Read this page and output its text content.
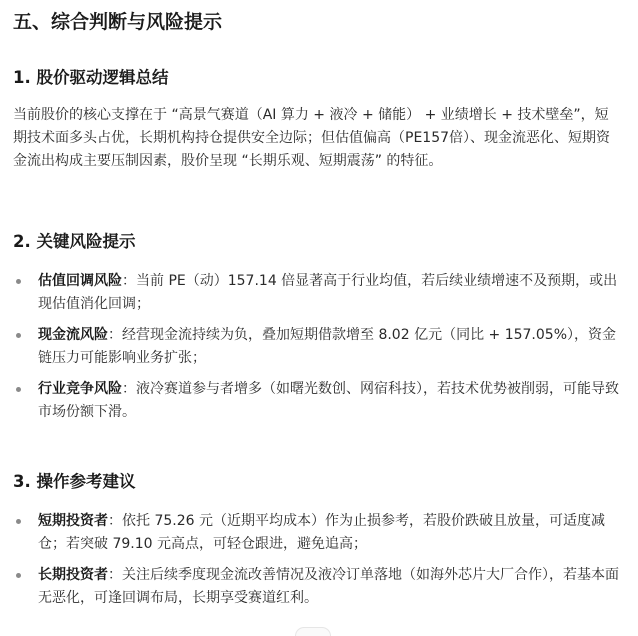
五、综合判断与风险提示
1. 股价驱动逻辑总结

当前股价的核心支撑在于 “高景气赛道（AI 算力 + 液冷 + 储能） + 业绩增长 + 技术壁垒”，短期技术面多头占优，长期机构持仓提供安全边际；但估值偏高（PE157倍）、现金流恶化、短期资金流出构成主要压制因素，股价呈现 “长期乐观、短期震荡” 的特征。

2. 关键风险提示
估值回调风险：当前 PE（动）157.14 倍显著高于行业均值，若后续业绩增速不及预期，或出现估值消化回调；
现金流风险：经营现金流持续为负，叠加短期借款增至 8.02 亿元（同比 + 157.05%），资金链压力可能影响业务扩张；
行业竞争风险：液冷赛道参与者增多（如曙光数创、网宿科技），若技术优势被削弱，可能导致市场份额下滑。
3. 操作参考建议
短期投资者：依托 75.26 元（近期平均成本）作为止损参考，若股价跌破且放量，可适度减仓；若突破 79.10 元高点，可轻仓跟进，避免追高；
长期投资者：关注后续季度现金流改善情况及液冷订单落地（如海外芯片大厂合作），若基本面无恶化，可逢回调布局，长期享受赛道红利。
